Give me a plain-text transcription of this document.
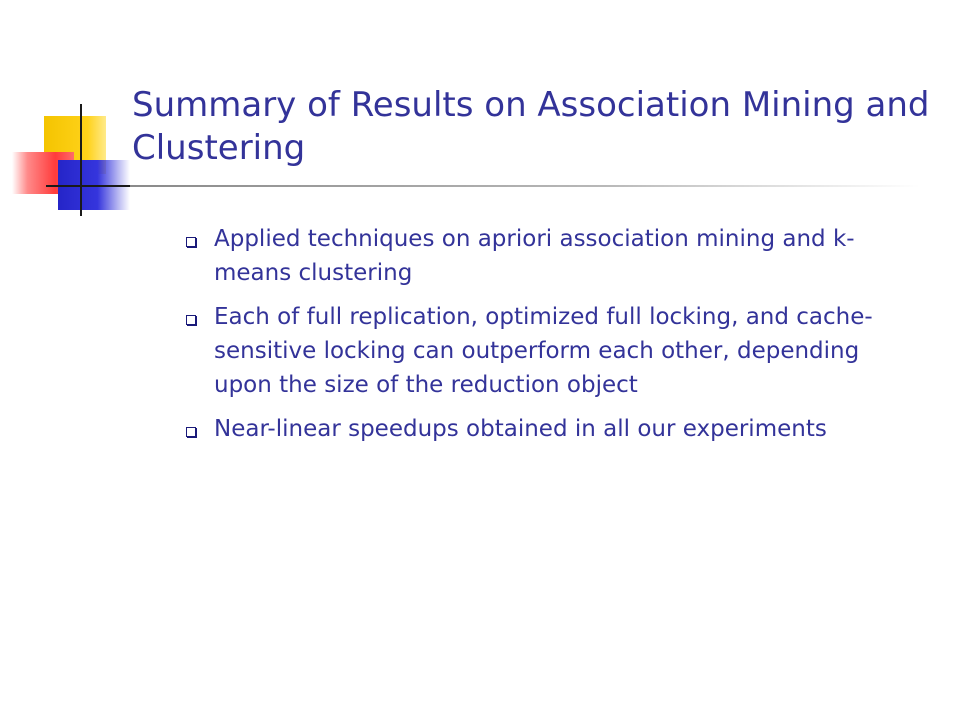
Summary of Results on Association Mining and Clustering
Applied techniques on apriori association mining and k-means clustering
Each of full replication, optimized full locking, and cache-sensitive locking can outperform each other, depending upon the size of the reduction object
Near-linear speedups obtained in all our experiments
